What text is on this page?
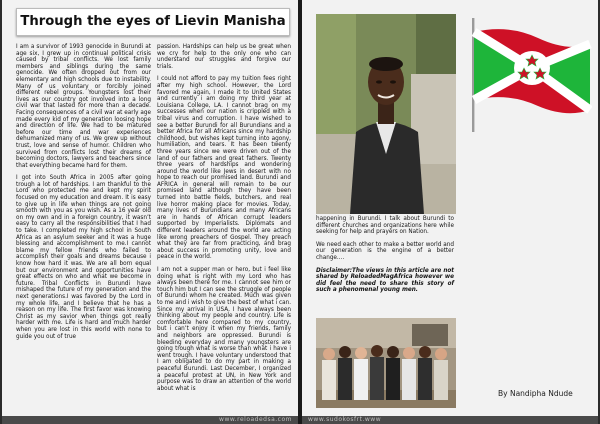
Through the eyes of Lievin Manisha

I am a survivor of 1993 genocide in Burundi at age six, I grew up in continual political crisis caused by tribal conflicts. We lost family members and siblings during the same genocide. We often dropped out from our elementary and high schools due to instability. Many of us voluntary or forcibly joined different rebel groups. Youngsters lost their lives as our country got involved into a long civil war that lasted for more than a decade. Facing consequences of a civil war at early age made every kid of my generation loosing hope and direction of life. We had to be matured before our time and war experiences dehumanized many of us. We grew up without trust, love and sense of humor. Children who survived from conflicts lost their dreams of becoming doctors, lawyers and teachers since that everything became hard for them.

I got into South Africa in 2005 after going trough a lot of hardships. I am thankful to the Lord who protected me and kept my spirit focused on my education and dream. It is easy to give up in life when things are not going smooth with you as you wish. As a 16 year old on my own and in a foreign country, it wasn’t easy to carry all the responsibilities that I had to take. I completed my high school in South Africa as an asylum seeker and it was a huge blessing and accomplishment to me.I cannot blame my fellow friends who failed to accomplish their goals and dreams because i know how hard it was. We are all born equal but our environment and opportunities have great effects on who and what we become in future. Tribal Conflicts in Burundi have mishaped the future of my generation and the next generations.I was favored by the Lord in my whole life, and I believe that he has a reason on my life. The first favor was knowing Christ as my savior when things got really harder with me. Life is hard and much harder when you are lost in this world with none to guide you out of true

passion. Hardships can help us be great when we cry for help to the only one who can understand our struggles and forgive our trials.

I could not afford to pay my tuition fees right after my high school. However, the Lord favored me again, I made it to United States and currently i am doing my third year at Louisiana College, LA. I cannot brag on my successes when our nation is crippled with a tribal virus and corruption. I have wished to see a better Burundi for all Burundians and a better Africa for all Africans since my hardship childhood, but wishes kept turning into agony, humiliation, and tears. It has been twenty three years since we were driven out of the land of our fathers and great fathers. Twenty three years of hardships and wondering around the world like Jews in desert with no hope to reach our promised land. Burundi and AFRICA in general will remain to be our promised land although they have been turned into battle fields, butchers, and real live horror making place for movies. Today, many lives of Burundians and many Africans are in hands of African corrupt leaders supported by Imperialists. Diplomats and different leaders around the world are acting like wrong preachers of Gospel. They preach what they are far from practicing, and brag about success in promoting unity, love and peace in the world.

I am not a supper man or hero, but i feel like doing what is right with my Lord who has always been there for me. I cannot see him or touch him but I can see the struggle of people of Burundi whom he created. Much was given to me and i wish to give the best of what i can. Since my arrival in USA, I have always been thinking about my people and country. Life is comfortable here compared to my country, but i can’t enjoy it when my friends, family and neighbors are oppressed. Burundi is bleeding everyday and many youngsters are going trough what is worse than what i have i went trough. I have voluntary understood that I am obligated to do my part in making a peaceful Burundi. Last December, I organized a peaceful protest at UN, in New York and purpose was to draw an attention of the world about what is

happening in Burundi. I talk about Burundi to different churches and organizations here while seeking for help and prayers on Nation.

We need each other to make a better world and our generation is the engine of a better change....

Disclaimer:The views in this article are not shared by ReloadedMagAfrica however we did feel the need to share this story of such a phenomenal young men.

By Nandipha Ndude
www.reloadedsa.com	www.sudokosfrt.www
